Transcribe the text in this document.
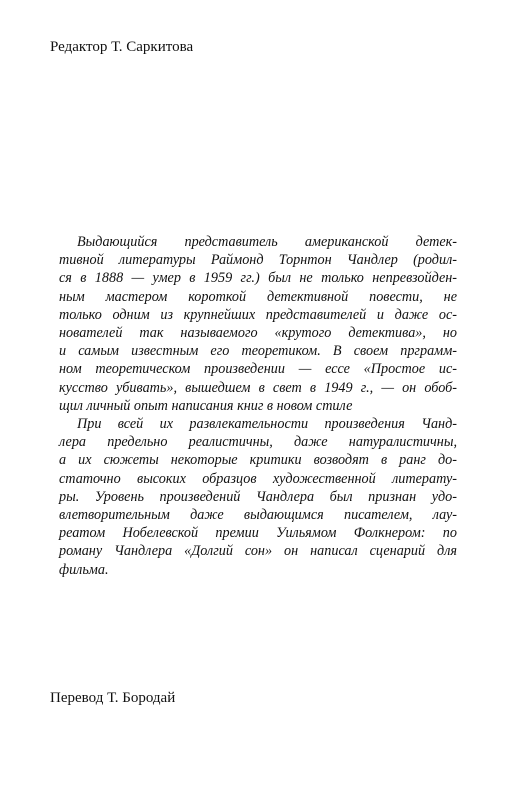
Редактор Т. Саркитова
Выдающийся представитель американской детек-
тивной литературы Раймонд Торнтон Чандлер (родил-
ся в 1888 — умер в 1959 гг.) был не только непревзойден-
ным мастером короткой детективной повести, не
только одним из крупнейших представителей и даже ос-
нователей так называемого «крутого детектива», но
и самым известным его теоретиком. В своем прграмм-
ном теоретическом произведении — ессе «Простое ис-
кусство убивать», вышедшем в свет в 1949 г., — он обоб-
щил личный опыт написания книг в новом стиле
При всей их развлекательности произведения Чанд-
лера предельно реалистичны, даже натуралистичны,
а их сюжеты некоторые критики возводят в ранг до-
статочно высоких образцов художественной литерату-
ры. Уровень произведений Чандлера был признан удо-
влетворительным даже выдающимся писателем, лау-
реатом Нобелевской премии Уильямом Фолкнером: по
роману Чандлера «Долгий сон» он написал сценарий для
фильма.
Перевод Т. Бородай
